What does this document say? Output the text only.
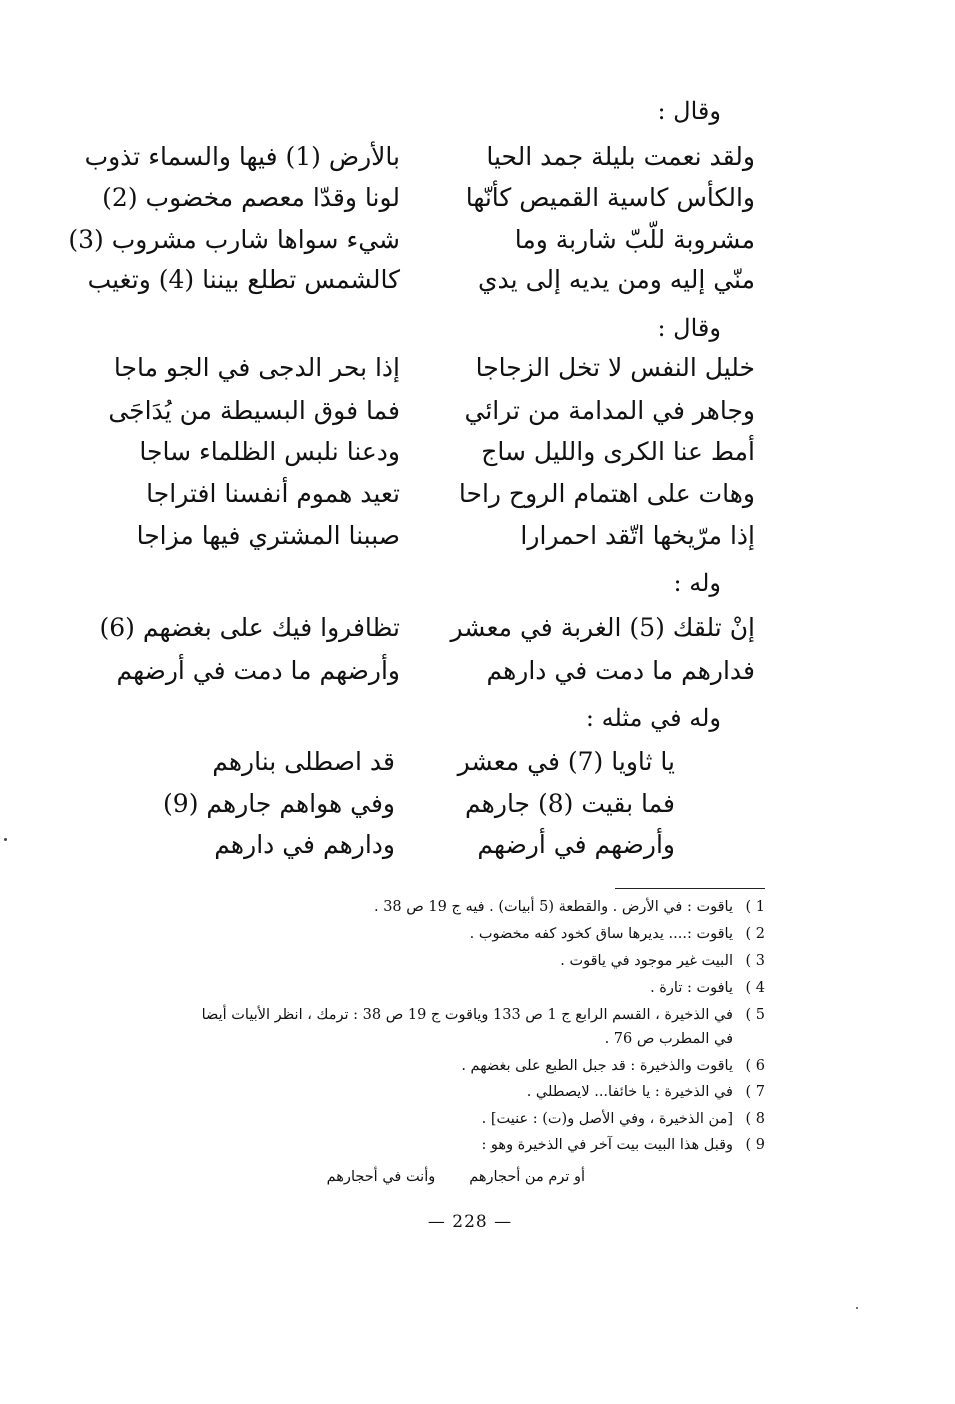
وقال :
ولقد نعمت بليلة جمد الحيا
بالأرض (1) فيها والسماء تذوب
والكأس كاسية القميص كأنّها
لونا وقدّا معصم مخضوب (2)
مشروبة للّبّ شاربة وما
شيء سواها شارب مشروب (3)
منّي إليه ومن يديه إلى يدي
كالشمس تطلع بيننا (4) وتغيب
وقال :
خليل النفس لا تخل الزجاجا
إذا بحر الدجى في الجو ماجا
وجاهر في المدامة من ترائي
فما فوق البسيطة من يُدَاجَى
أمط عنا الكرى والليل ساج
ودعنا نلبس الظلماء ساجا
وهات على اهتمام الروح راحا
تعيد هموم أنفسنا افتراجا
إذا مرّيخها اتّقد احمرارا
صببنا المشتري فيها مزاجا
وله :
إنْ تلقك (5) الغربة في معشر
تظافروا فيك على بغضهم (6)
فدارهم ما دمت في دارهم
وأرضهم ما دمت في أرضهم
وله في مثله :
يا ثاويا (7) في معشر
قد اصطلى بنارهم
فما بقيت (8) جارهم
وفي هواهم جارهم (9)
وأرضهم في أرضهم
ودارهم في دارهم
1 )ياقوت : في الأرض . والقطعة (5 أبيات) . فيه ج 19 ص 38 .
2 )ياقوت :.... يديرها ساق كخود كفه مخضوب .
3 )البيت غير موجود في ياقوت .
4 )يافوت : تارة .
5 )في الذخيرة ، القسم الرابع ج 1 ص 133 وياقوت ج 19 ص 38 : ترمك ، انظر الأبيات أيضا
في المطرب ص 76 .
6 )ياقوت والذخيرة : قد جبل الطبع على بغضهم .
7 )في الذخيرة : يا خائفا... لايصطلي .
8 )[من الذخيرة ، وفي الأصل و(ت) : عنيت] .
9 )وقبل هذا البيت بيت آخر في الذخيرة وهو :
أو ترم من أحجارهموأنت في أحجارهم
— 228 —
